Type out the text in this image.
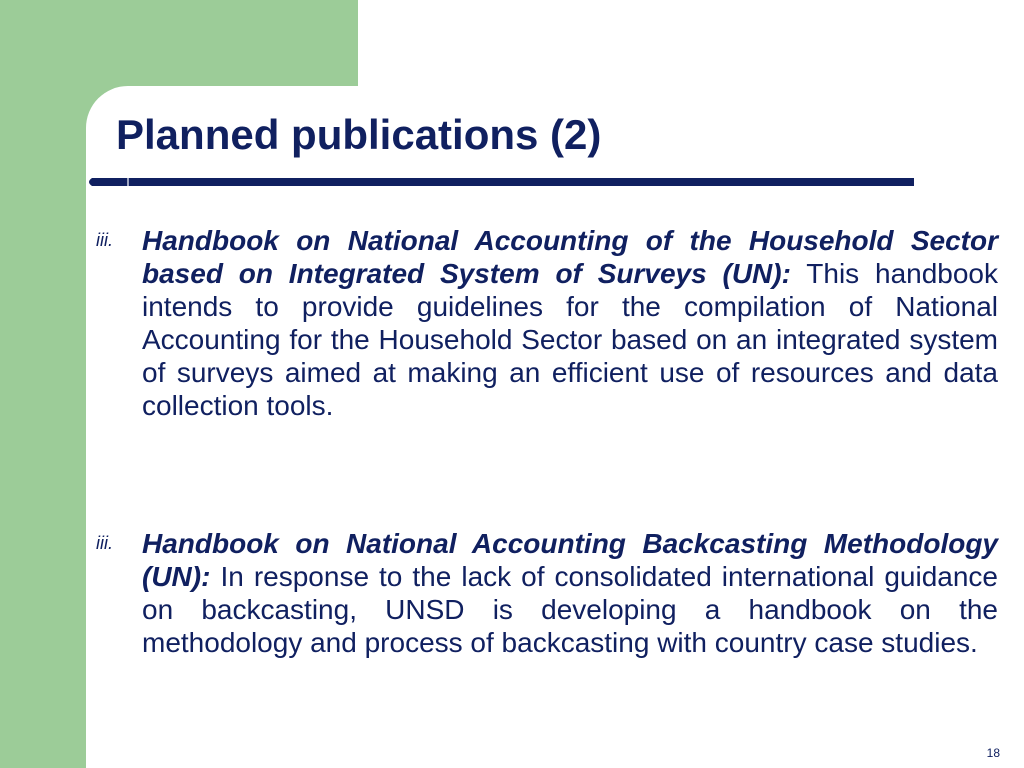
Planned publications (2)
iii.	Handbook on National Accounting of the Household Sector based on Integrated System of Surveys (UN): This handbook intends to provide guidelines for the compilation of National Accounting for the Household Sector based on an integrated system of surveys aimed at making an efficient use of resources and data collection tools.

iii.	Handbook on National Accounting Backcasting Methodology (UN): In response to the lack of consolidated international guidance on backcasting, UNSD is developing a handbook on the methodology and process of backcasting with country case studies.

18
